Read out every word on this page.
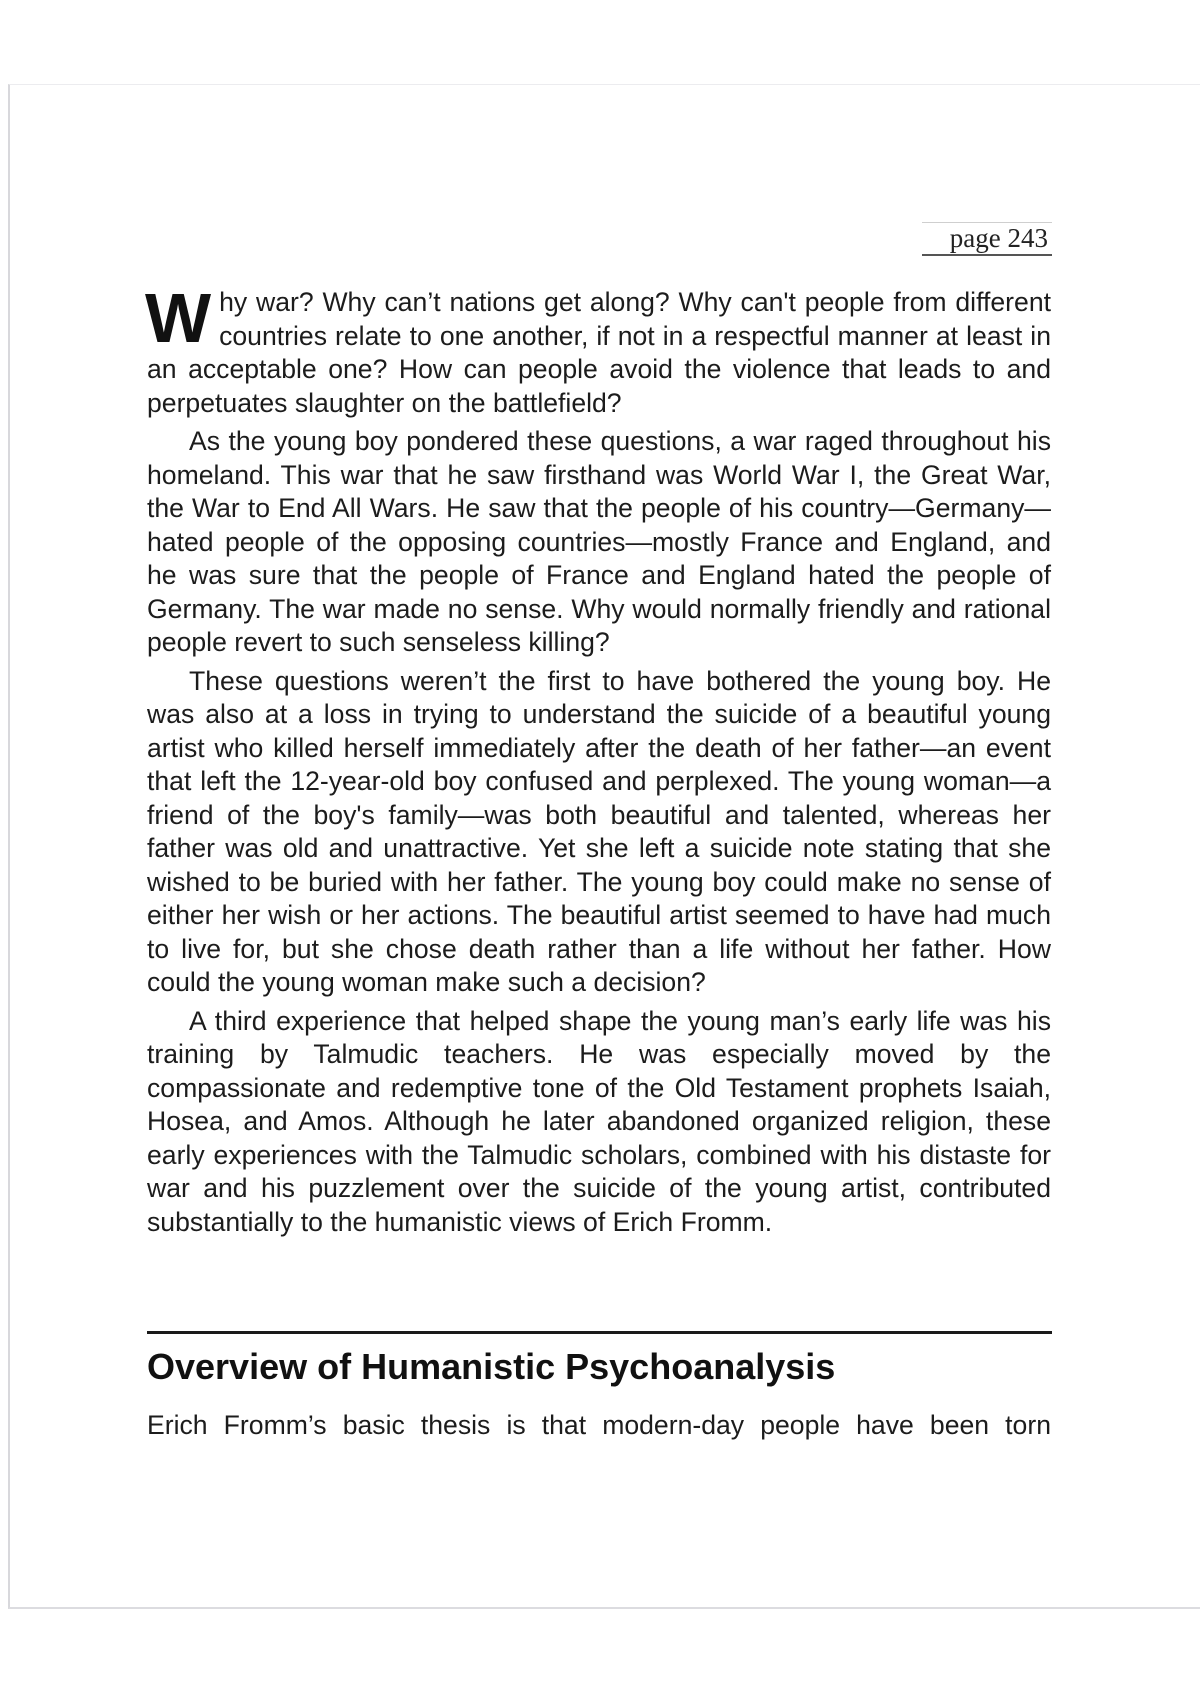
page 243

Why war? Why can’t nations get along? Why can't people from different countries relate to one another, if not in a respectful manner at least in an acceptable one? How can people avoid the violence that leads to and perpetuates slaughter on the battlefield?

As the young boy pondered these questions, a war raged throughout his homeland. This war that he saw firsthand was World War I, the Great War, the War to End All Wars. He saw that the people of his country—Germany—hated people of the opposing countries—mostly France and England, and he was sure that the people of France and England hated the people of Germany. The war made no sense. Why would normally friendly and rational people revert to such senseless killing?

These questions weren’t the first to have bothered the young boy. He was also at a loss in trying to understand the suicide of a beautiful young artist who killed herself immediately after the death of her father—an event that left the 12-year-old boy confused and perplexed. The young woman—a friend of the boy's family—was both beautiful and talented, whereas her father was old and unattractive. Yet she left a suicide note stating that she wished to be buried with her father. The young boy could make no sense of either her wish or her actions. The beautiful artist seemed to have had much to live for, but she chose death rather than a life without her father. How could the young woman make such a decision?

A third experience that helped shape the young man’s early life was his training by Talmudic teachers. He was especially moved by the compassionate and redemptive tone of the Old Testament prophets Isaiah, Hosea, and Amos. Although he later abandoned organized religion, these early experiences with the Talmudic scholars, combined with his distaste for war and his puzzlement over the suicide of the young artist, contributed substantially to the humanistic views of Erich Fromm.

Overview of Humanistic Psychoanalysis

Erich Fromm’s basic thesis is that modern-day people have been torn
